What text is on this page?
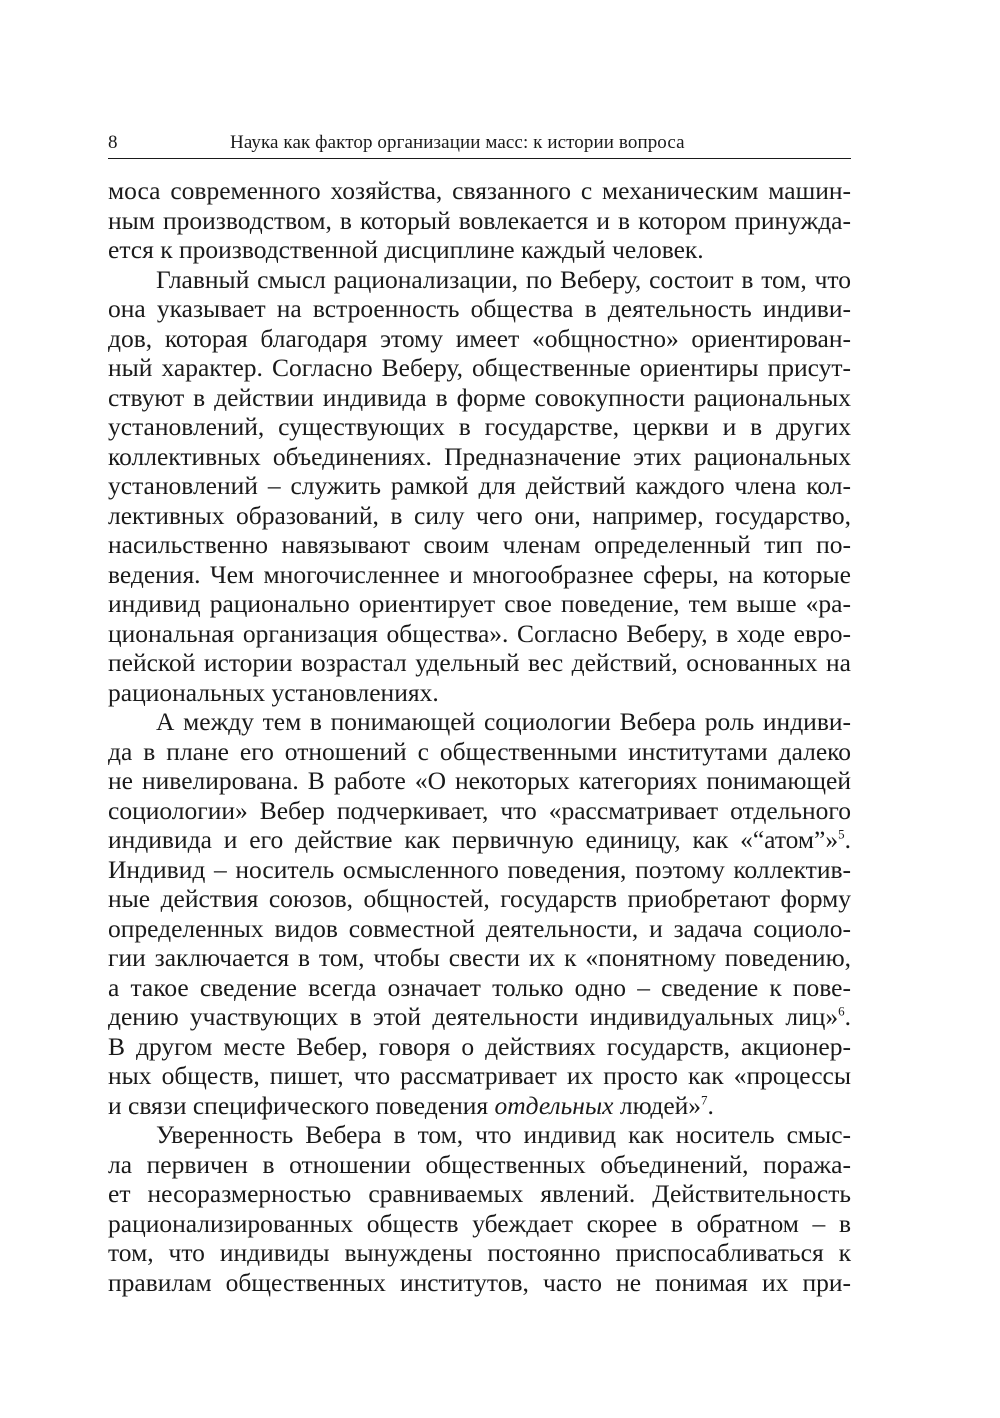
8	Наука как фактор организации масс: к истории вопроса
моса современного хозяйства, связанного с механическим машин-
ным производством, в который вовлекается и в котором принужда-
ется к производственной дисциплине каждый человек.
Главный смысл рационализации, по Веберу, состоит в том, что
она указывает на встроенность общества в деятельность индиви-
дов, которая благодаря этому имеет «общностно» ориентирован-
ный характер. Согласно Веберу, общественные ориентиры присут-
ствуют в действии индивида в форме совокупности рациональных
установлений, существующих в государстве, церкви и в других
коллективных объединениях. Предназначение этих рациональных
установлений – служить рамкой для действий каждого члена кол-
лективных образований, в силу чего они, например, государство,
насильственно навязывают своим членам определенный тип по-
ведения. Чем многочисленнее и многообразнее сферы, на которые
индивид рационально ориентирует свое поведение, тем выше «ра-
циональная организация общества». Согласно Веберу, в ходе евро-
пейской истории возрастал удельный вес действий, основанных на
рациональных установлениях.
А между тем в понимающей социологии Вебера роль индиви-
да в плане его отношений с общественными институтами далеко
не нивелирована. В работе «О некоторых категориях понимающей
социологии» Вебер подчеркивает, что «рассматривает отдельного
индивида и его действие как первичную единицу, как «“атом”»$^5$.
Индивид – носитель осмысленного поведения, поэтому коллектив-
ные действия союзов, общностей, государств приобретают форму
определенных видов совместной деятельности, и задача социоло-
гии заключается в том, чтобы свести их к «понятному поведению,
а такое сведение всегда означает только одно – сведение к пове-
дению участвующих в этой деятельности индивидуальных лиц»$^6$.
В другом месте Вебер, говоря о действиях государств, акционер-
ных обществ, пишет, что рассматривает их просто как «процессы
и связи специфического поведения отдельных людей»$^7$.
Уверенность Вебера в том, что индивид как носитель смыс-
ла первичен в отношении общественных объединений, поража-
ет несоразмерностью сравниваемых явлений. Действительность
рационализированных обществ убеждает скорее в обратном – в
том, что индивиды вынуждены постоянно приспосабливаться к
правилам общественных институтов, часто не понимая их при-
